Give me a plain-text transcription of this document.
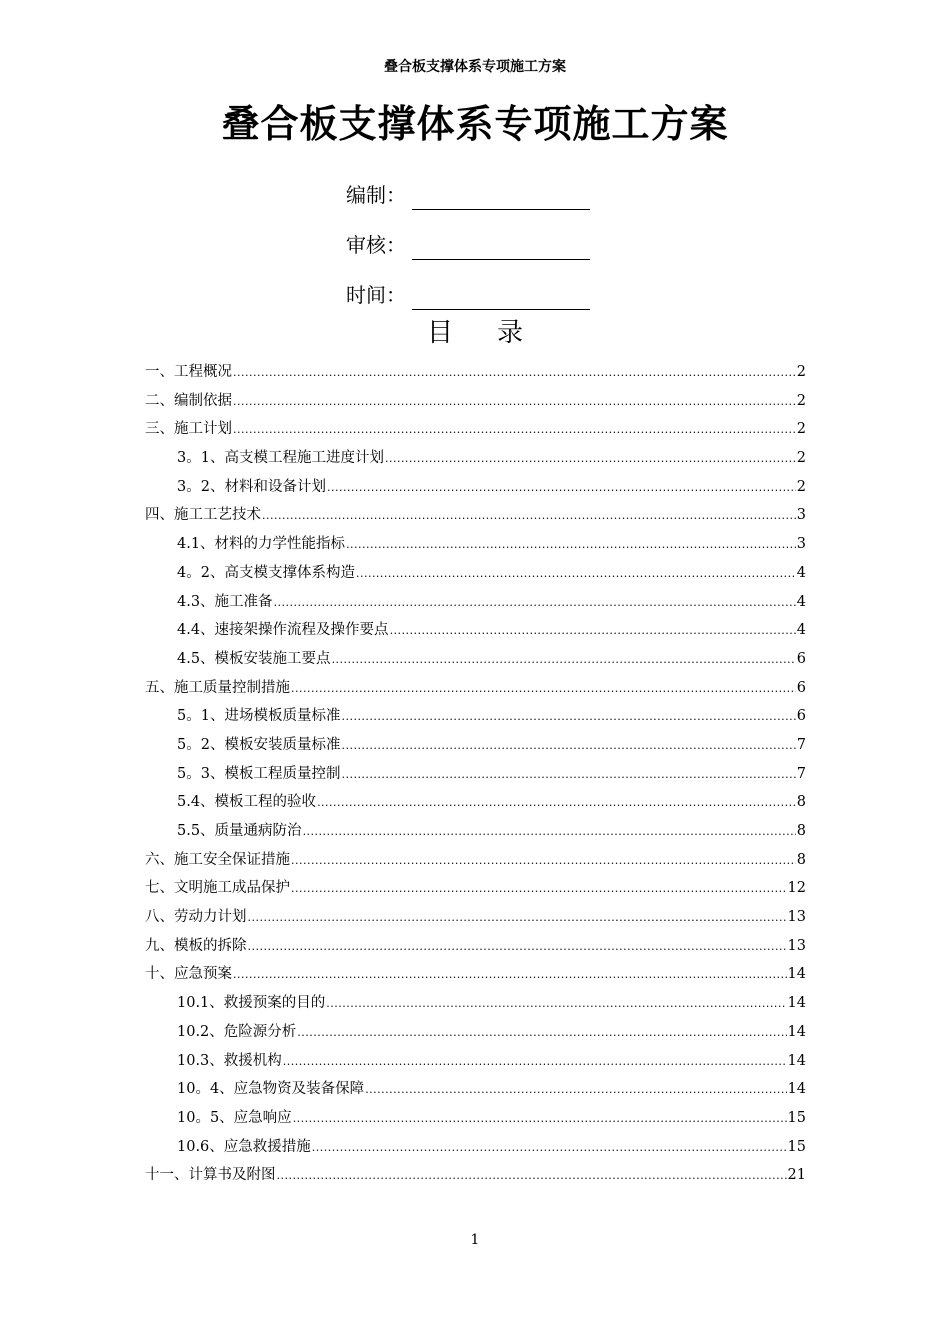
叠合板支撑体系专项施工方案
叠合板支撑体系专项施工方案
编制：
审核：
时间：
目 录
一、工程概况 .....	2
二、编制依据 .....	2
三、施工计划 .....	2
3。1、高支模工程施工进度计划 .....	2
3。2、材料和设备计划 .....	2
四、施工工艺技术 .....	3
4.1、材料的力学性能指标 .....	3
4。2、高支模支撑体系构造 .....	4
4.3、施工准备 .....	4
4.4、速接架操作流程及操作要点 .....	4
4.5、模板安装施工要点 .....	6
五、施工质量控制措施 .....	6
5。1、进场模板质量标准 .....	6
5。2、模板安装质量标准 .....	7
5。3、模板工程质量控制 .....	7
5.4、模板工程的验收 .....	8
5.5、质量通病防治 .....	8
六、施工安全保证措施 .....	8
七、文明施工成品保护 .....	12
八、劳动力计划 .....	13
九、模板的拆除 .....	13
十、应急预案 .....	14
10.1、救援预案的目的 .....	14
10.2、危险源分析 .....	14
10.3、救援机构 .....	14
10。4、应急物资及装备保障 .....	14
10。5、应急响应 .....	15
10.6、应急救援措施 .....	15
十一、计算书及附图 .....	21
1
